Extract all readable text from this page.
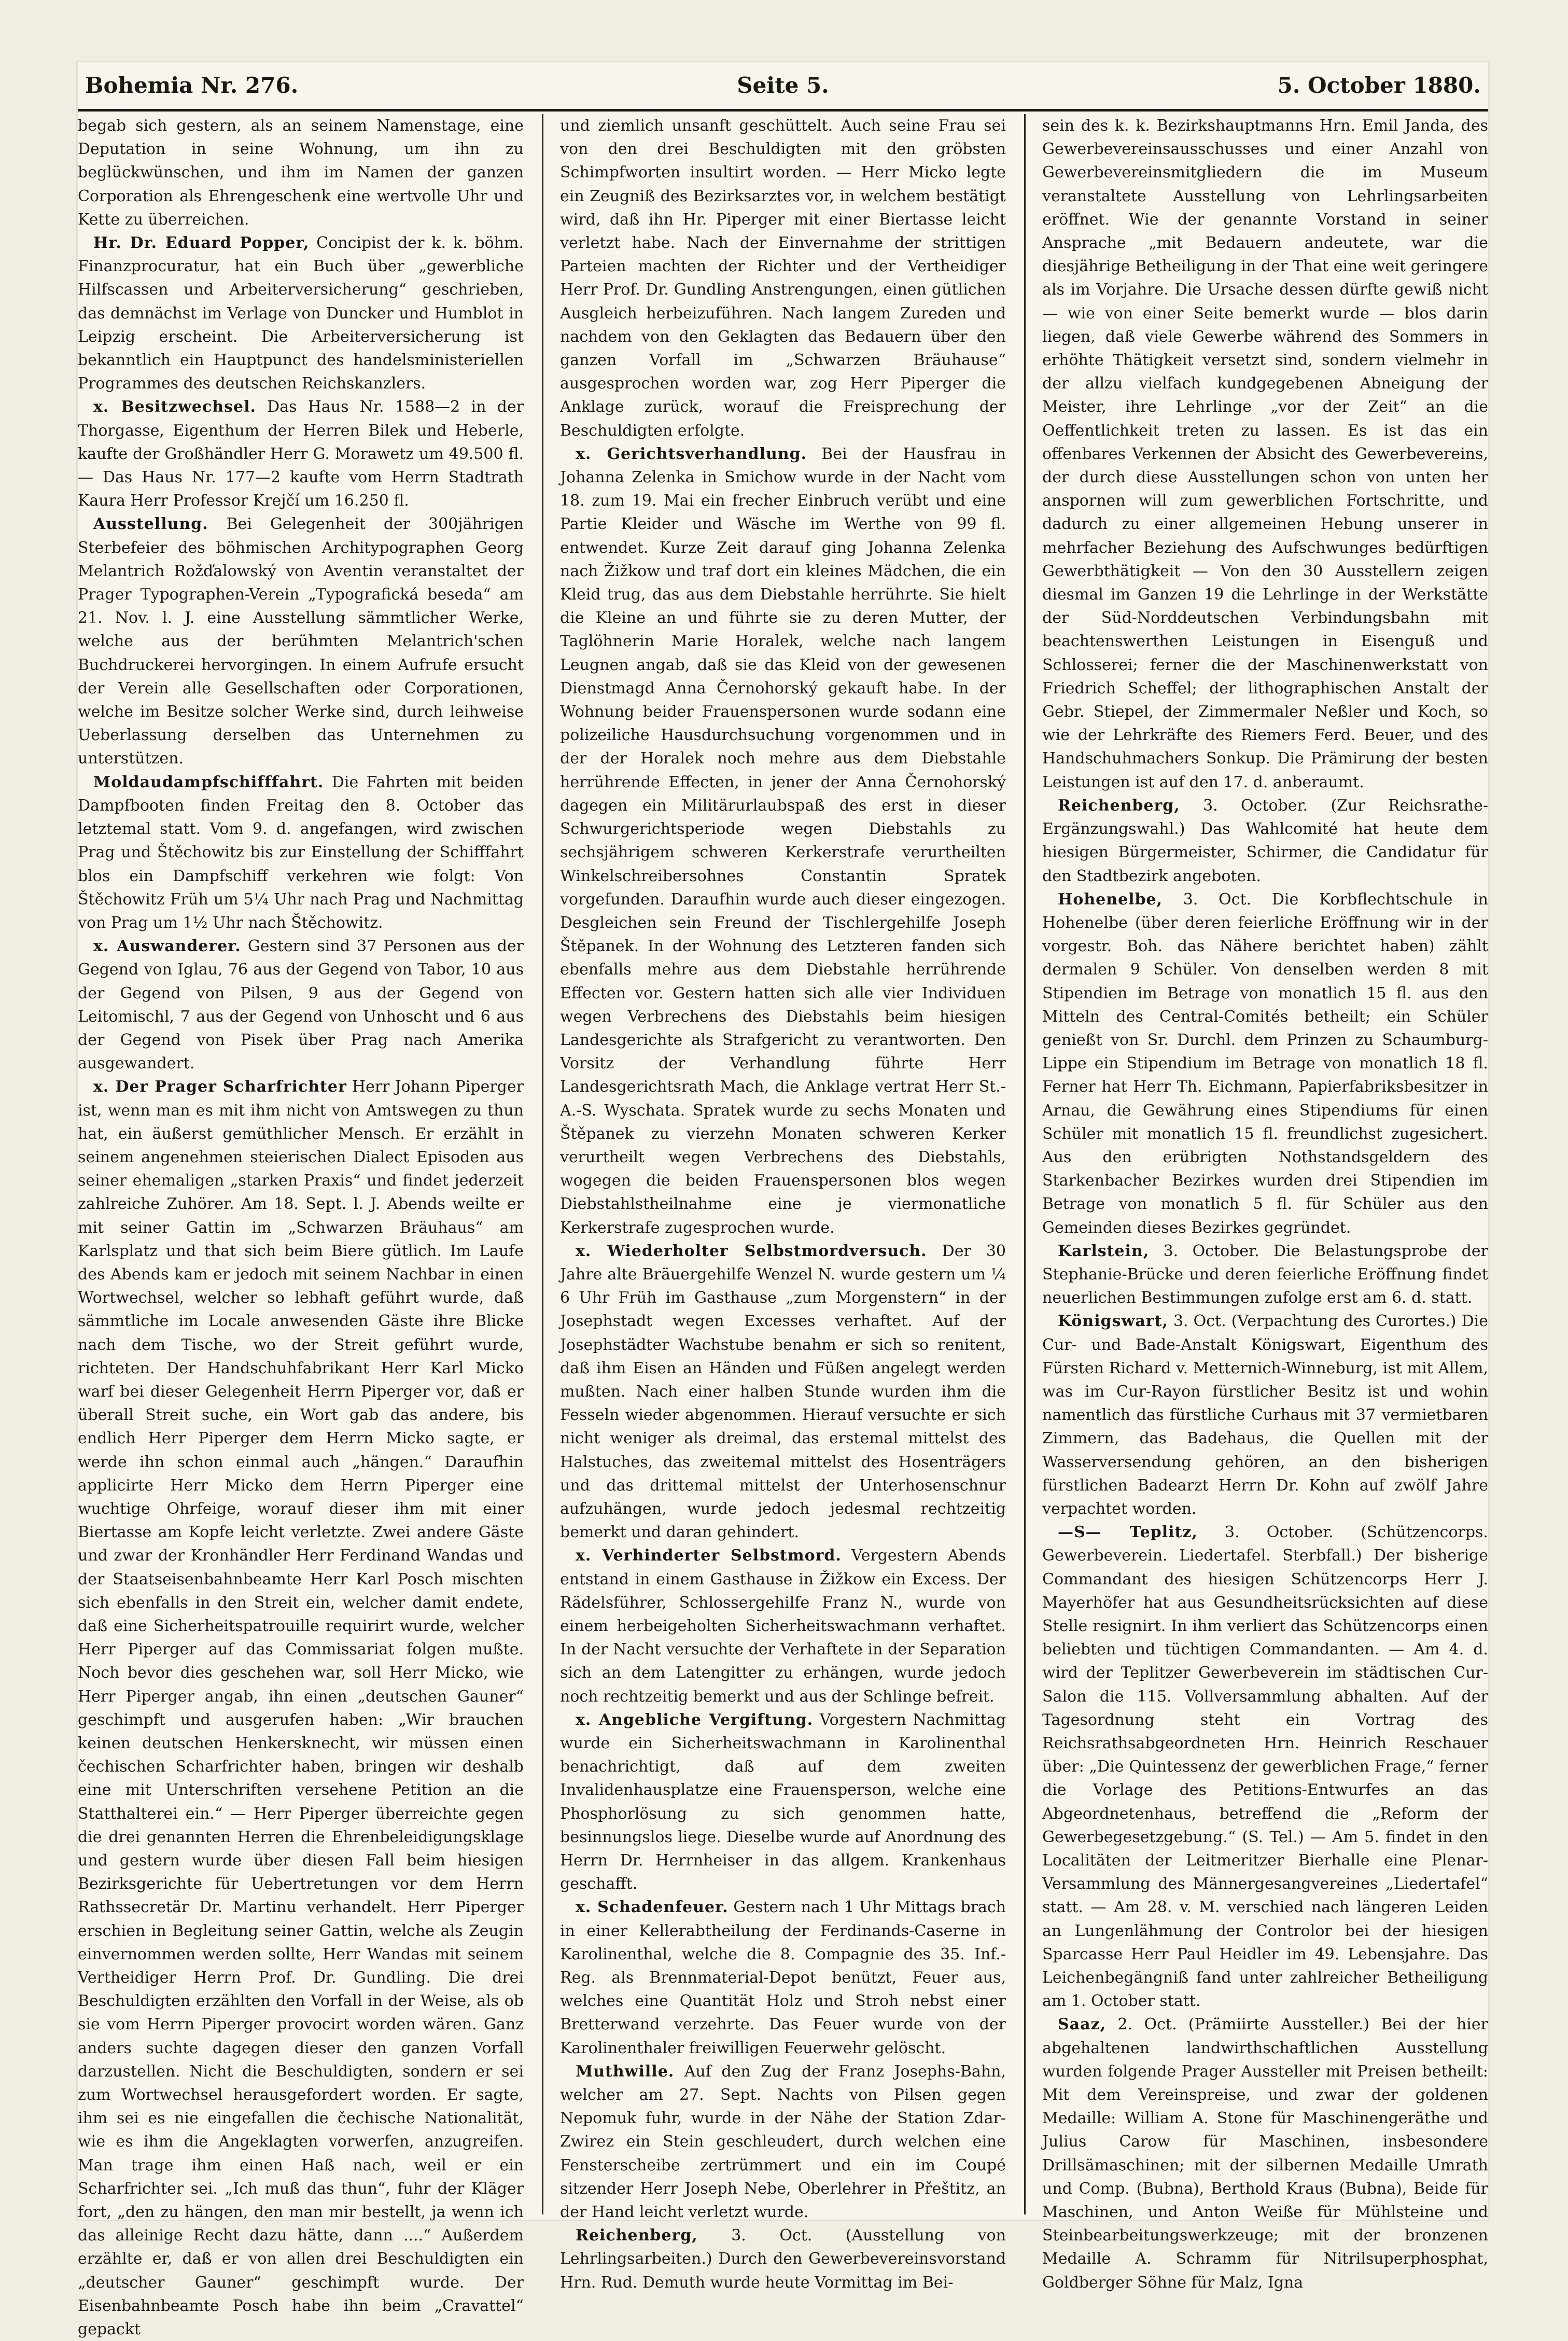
Bohemia Nr. 276.	Seite 5.	5. October 1880.

begab sich gestern, als an seinem Namenstage, eine Deputation in seine Wohnung, um ihn zu beglückwünschen, und ihm im Namen der ganzen Corporation als Ehrengeschenk eine wertvolle Uhr und Kette zu überreichen.

Hr. Dr. Eduard Popper, Concipist der k. k. böhm. Finanzprocuratur, hat ein Buch über „gewerbliche Hilfscassen und Arbeiterversicherung“ geschrieben, das demnächst im Verlage von Duncker und Humblot in Leipzig erscheint. Die Arbeiterversicherung ist bekanntlich ein Hauptpunct des handelsministeriellen Programmes des deutschen Reichskanzlers.

x. Besitzwechsel. Das Haus Nr. 1588—2 in der Thorgasse, Eigenthum der Herren Bilek und Heberle, kaufte der Großhändler Herr G. Morawetz um 49.500 fl. — Das Haus Nr. 177—2 kaufte vom Herrn Stadtrath Kaura Herr Professor Krejčí um 16.250 fl.

Ausstellung. Bei Gelegenheit der 300jährigen Sterbefeier des böhmischen Architypographen Georg Melantrich Rožďalowský von Aventin veranstaltet der Prager Typographen-Verein „Typografická beseda“ am 21. Nov. l. J. eine Ausstellung sämmtlicher Werke, welche aus der berühmten Melantrich'schen Buchdruckerei hervorgingen. In einem Aufrufe ersucht der Verein alle Gesellschaften oder Corporationen, welche im Besitze solcher Werke sind, durch leihweise Ueberlassung derselben das Unternehmen zu unterstützen.

Moldaudampfschifffahrt. Die Fahrten mit beiden Dampfbooten finden Freitag den 8. October das letztemal statt. Vom 9. d. angefangen, wird zwischen Prag und Štěchowitz bis zur Einstellung der Schifffahrt blos ein Dampfschiff verkehren wie folgt: Von Štěchowitz Früh um 5¼ Uhr nach Prag und Nachmittag von Prag um 1½ Uhr nach Štěchowitz.

x. Auswanderer. Gestern sind 37 Personen aus der Gegend von Iglau, 76 aus der Gegend von Tabor, 10 aus der Gegend von Pilsen, 9 aus der Gegend von Leitomischl, 7 aus der Gegend von Unhoscht und 6 aus der Gegend von Pisek über Prag nach Amerika ausgewandert.

x. Der Prager Scharfrichter Herr Johann Piperger ist, wenn man es mit ihm nicht von Amtswegen zu thun hat, ein äußerst gemüthlicher Mensch. Er erzählt in seinem angenehmen steierischen Dialect Episoden aus seiner ehemaligen „starken Praxis“ und findet jederzeit zahlreiche Zuhörer. Am 18. Sept. l. J. Abends weilte er mit seiner Gattin im „Schwarzen Bräuhaus“ am Karlsplatz und that sich beim Biere gütlich. Im Laufe des Abends kam er jedoch mit seinem Nachbar in einen Wortwechsel, welcher so lebhaft geführt wurde, daß sämmtliche im Locale anwesenden Gäste ihre Blicke nach dem Tische, wo der Streit geführt wurde, richteten. Der Handschuhfabrikant Herr Karl Micko warf bei dieser Gelegenheit Herrn Piperger vor, daß er überall Streit suche, ein Wort gab das andere, bis endlich Herr Piperger dem Herrn Micko sagte, er werde ihn schon einmal auch „hängen.“ Daraufhin applicirte Herr Micko dem Herrn Piperger eine wuchtige Ohrfeige, worauf dieser ihm mit einer Biertasse am Kopfe leicht verletzte. Zwei andere Gäste und zwar der Kronhändler Herr Ferdinand Wandas und der Staatseisenbahnbeamte Herr Karl Posch mischten sich ebenfalls in den Streit ein, welcher damit endete, daß eine Sicherheitspatrouille requirirt wurde, welcher Herr Piperger auf das Commissariat folgen mußte. Noch bevor dies geschehen war, soll Herr Micko, wie Herr Piperger angab, ihn einen „deutschen Gauner“ geschimpft und ausgerufen haben: „Wir brauchen keinen deutschen Henkersknecht, wir müssen einen čechischen Scharfrichter haben, bringen wir deshalb eine mit Unterschriften versehene Petition an die Statthalterei ein.“ — Herr Piperger überreichte gegen die drei genannten Herren die Ehrenbeleidigungsklage und gestern wurde über diesen Fall beim hiesigen Bezirksgerichte für Uebertretungen vor dem Herrn Rathssecretär Dr. Martinu verhandelt. Herr Piperger erschien in Begleitung seiner Gattin, welche als Zeugin einvernommen werden sollte, Herr Wandas mit seinem Vertheidiger Herrn Prof. Dr. Gundling. Die drei Beschuldigten erzählten den Vorfall in der Weise, als ob sie vom Herrn Piperger provocirt worden wären. Ganz anders suchte dagegen dieser den ganzen Vorfall darzustellen. Nicht die Beschuldigten, sondern er sei zum Wortwechsel herausgefordert worden. Er sagte, ihm sei es nie eingefallen die čechische Nationalität, wie es ihm die Angeklagten vorwerfen, anzugreifen. Man trage ihm einen Haß nach, weil er ein Scharfrichter sei. „Ich muß das thun“, fuhr der Kläger fort, „den zu hängen, den man mir bestellt, ja wenn ich das alleinige Recht dazu hätte, dann ....“ Außerdem erzählte er, daß er von allen drei Beschuldigten ein „deutscher Gauner“ geschimpft wurde. Der Eisenbahnbeamte Posch habe ihn beim „Cravattel“ gepackt

und ziemlich unsanft geschüttelt. Auch seine Frau sei von den drei Beschuldigten mit den gröbsten Schimpfworten insultirt worden. — Herr Micko legte ein Zeugniß des Bezirksarztes vor, in welchem bestätigt wird, daß ihn Hr. Piperger mit einer Biertasse leicht verletzt habe. Nach der Einvernahme der strittigen Parteien machten der Richter und der Vertheidiger Herr Prof. Dr. Gundling Anstrengungen, einen gütlichen Ausgleich herbeizuführen. Nach langem Zureden und nachdem von den Geklagten das Bedauern über den ganzen Vorfall im „Schwarzen Bräuhause“ ausgesprochen worden war, zog Herr Piperger die Anklage zurück, worauf die Freisprechung der Beschuldigten erfolgte.

x. Gerichtsverhandlung. Bei der Hausfrau in Johanna Zelenka in Smichow wurde in der Nacht vom 18. zum 19. Mai ein frecher Einbruch verübt und eine Partie Kleider und Wäsche im Werthe von 99 fl. entwendet. Kurze Zeit darauf ging Johanna Zelenka nach Žižkow und traf dort ein kleines Mädchen, die ein Kleid trug, das aus dem Diebstahle herrührte. Sie hielt die Kleine an und führte sie zu deren Mutter, der Taglöhnerin Marie Horalek, welche nach langem Leugnen angab, daß sie das Kleid von der gewesenen Dienstmagd Anna Černohorský gekauft habe. In der Wohnung beider Frauenspersonen wurde sodann eine polizeiliche Hausdurchsuchung vorgenommen und in der der Horalek noch mehre aus dem Diebstahle herrührende Effecten, in jener der Anna Černohorský dagegen ein Militärurlaubspaß des erst in dieser Schwurgerichtsperiode wegen Diebstahls zu sechsjährigem schweren Kerkerstrafe verurtheilten Winkelschreibersohnes Constantin Spratek vorgefunden. Daraufhin wurde auch dieser eingezogen. Desgleichen sein Freund der Tischlergehilfe Joseph Štěpanek. In der Wohnung des Letzteren fanden sich ebenfalls mehre aus dem Diebstahle herrührende Effecten vor. Gestern hatten sich alle vier Individuen wegen Verbrechens des Diebstahls beim hiesigen Landesgerichte als Strafgericht zu verantworten. Den Vorsitz der Verhandlung führte Herr Landesgerichtsrath Mach, die Anklage vertrat Herr St.-A.-S. Wyschata. Spratek wurde zu sechs Monaten und Štěpanek zu vierzehn Monaten schweren Kerker verurtheilt wegen Verbrechens des Diebstahls, wogegen die beiden Frauenspersonen blos wegen Diebstahlstheilnahme eine je viermonatliche Kerkerstrafe zugesprochen wurde.

x. Wiederholter Selbstmordversuch. Der 30 Jahre alte Bräuergehilfe Wenzel N. wurde gestern um ¼ 6 Uhr Früh im Gasthause „zum Morgenstern“ in der Josephstadt wegen Excesses verhaftet. Auf der Josephstädter Wachstube benahm er sich so renitent, daß ihm Eisen an Händen und Füßen angelegt werden mußten. Nach einer halben Stunde wurden ihm die Fesseln wieder abgenommen. Hierauf versuchte er sich nicht weniger als dreimal, das erstemal mittelst des Halstuches, das zweitemal mittelst des Hosenträgers und das drittemal mittelst der Unterhosenschnur aufzuhängen, wurde jedoch jedesmal rechtzeitig bemerkt und daran gehindert.

x. Verhinderter Selbstmord. Vergestern Abends entstand in einem Gasthause in Žižkow ein Excess. Der Rädelsführer, Schlossergehilfe Franz N., wurde von einem herbeigeholten Sicherheitswachmann verhaftet. In der Nacht versuchte der Verhaftete in der Separation sich an dem Latengitter zu erhängen, wurde jedoch noch rechtzeitig bemerkt und aus der Schlinge befreit.

x. Angebliche Vergiftung. Vorgestern Nachmittag wurde ein Sicherheitswachmann in Karolinenthal benachrichtigt, daß auf dem zweiten Invalidenhausplatze eine Frauensperson, welche eine Phosphorlösung zu sich genommen hatte, besinnungslos liege. Dieselbe wurde auf Anordnung des Herrn Dr. Herrnheiser in das allgem. Krankenhaus geschafft.

x. Schadenfeuer. Gestern nach 1 Uhr Mittags brach in einer Kellerabtheilung der Ferdinands-Caserne in Karolinenthal, welche die 8. Compagnie des 35. Inf.-Reg. als Brennmaterial-Depot benützt, Feuer aus, welches eine Quantität Holz und Stroh nebst einer Bretterwand verzehrte. Das Feuer wurde von der Karolinenthaler freiwilligen Feuerwehr gelöscht.

Muthwille. Auf den Zug der Franz Josephs-Bahn, welcher am 27. Sept. Nachts von Pilsen gegen Nepomuk fuhr, wurde in der Nähe der Station Zdar-Zwirez ein Stein geschleudert, durch welchen eine Fensterscheibe zertrümmert und ein im Coupé sitzender Herr Joseph Nebe, Oberlehrer in Přeštitz, an der Hand leicht verletzt wurde.

Reichenberg, 3. Oct. (Ausstellung von Lehrlingsarbeiten.) Durch den Gewerbevereinsvorstand Hrn. Rud. Demuth wurde heute Vormittag im Bei-

sein des k. k. Bezirkshauptmanns Hrn. Emil Janda, des Gewerbevereinsausschusses und einer Anzahl von Gewerbevereinsmitgliedern die im Museum veranstaltete Ausstellung von Lehrlingsarbeiten eröffnet. Wie der genannte Vorstand in seiner Ansprache „mit Bedauern andeutete, war die diesjährige Betheiligung in der That eine weit geringere als im Vorjahre. Die Ursache dessen dürfte gewiß nicht — wie von einer Seite bemerkt wurde — blos darin liegen, daß viele Gewerbe während des Sommers in erhöhte Thätigkeit versetzt sind, sondern vielmehr in der allzu vielfach kundgegebenen Abneigung der Meister, ihre Lehrlinge „vor der Zeit“ an die Oeffentlichkeit treten zu lassen. Es ist das ein offenbares Verkennen der Absicht des Gewerbevereins, der durch diese Ausstellungen schon von unten her anspornen will zum gewerblichen Fortschritte, und dadurch zu einer allgemeinen Hebung unserer in mehrfacher Beziehung des Aufschwunges bedürftigen Gewerbthätigkeit — Von den 30 Ausstellern zeigen diesmal im Ganzen 19 die Lehrlinge in der Werkstätte der Süd-Norddeutschen Verbindungsbahn mit beachtenswerthen Leistungen in Eisenguß und Schlosserei; ferner die der Maschinenwerkstatt von Friedrich Scheffel; der lithographischen Anstalt der Gebr. Stiepel, der Zimmermaler Neßler und Koch, so wie der Lehrkräfte des Riemers Ferd. Beuer, und des Handschuhmachers Sonkup. Die Prämirung der besten Leistungen ist auf den 17. d. anberaumt.

Reichenberg, 3. October. (Zur Reichsrathe-Ergänzungswahl.) Das Wahlcomité hat heute dem hiesigen Bürgermeister, Schirmer, die Candidatur für den Stadtbezirk angeboten.

Hohenelbe, 3. Oct. Die Korbflechtschule in Hohenelbe (über deren feierliche Eröffnung wir in der vorgestr. Boh. das Nähere berichtet haben) zählt dermalen 9 Schüler. Von denselben werden 8 mit Stipendien im Betrage von monatlich 15 fl. aus den Mitteln des Central-Comités betheilt; ein Schüler genießt von Sr. Durchl. dem Prinzen zu Schaumburg-Lippe ein Stipendium im Betrage von monatlich 18 fl. Ferner hat Herr Th. Eichmann, Papierfabriksbesitzer in Arnau, die Gewährung eines Stipendiums für einen Schüler mit monatlich 15 fl. freundlichst zugesichert. Aus den erübrigten Nothstandsgeldern des Starkenbacher Bezirkes wurden drei Stipendien im Betrage von monatlich 5 fl. für Schüler aus den Gemeinden dieses Bezirkes gegründet.

Karlstein, 3. October. Die Belastungsprobe der Stephanie-Brücke und deren feierliche Eröffnung findet neuerlichen Bestimmungen zufolge erst am 6. d. statt.

Königswart, 3. Oct. (Verpachtung des Curortes.) Die Cur- und Bade-Anstalt Königswart, Eigenthum des Fürsten Richard v. Metternich-Winneburg, ist mit Allem, was im Cur-Rayon fürstlicher Besitz ist und wohin namentlich das fürstliche Curhaus mit 37 vermietbaren Zimmern, das Badehaus, die Quellen mit der Wasserversendung gehören, an den bisherigen fürstlichen Badearzt Herrn Dr. Kohn auf zwölf Jahre verpachtet worden.

—S— Teplitz, 3. October. (Schützencorps. Gewerbeverein. Liedertafel. Sterbfall.) Der bisherige Commandant des hiesigen Schützencorps Herr J. Mayerhöfer hat aus Gesundheitsrücksichten auf diese Stelle resignirt. In ihm verliert das Schützencorps einen beliebten und tüchtigen Commandanten. — Am 4. d. wird der Teplitzer Gewerbeverein im städtischen Cur-Salon die 115. Vollversammlung abhalten. Auf der Tagesordnung steht ein Vortrag des Reichsrathsabgeordneten Hrn. Heinrich Reschauer über: „Die Quintessenz der gewerblichen Frage,“ ferner die Vorlage des Petitions-Entwurfes an das Abgeordnetenhaus, betreffend die „Reform der Gewerbegesetzgebung.“ (S. Tel.) — Am 5. findet in den Localitäten der Leitmeritzer Bierhalle eine Plenar-Versammlung des Männergesangvereines „Liedertafel“ statt. — Am 28. v. M. verschied nach längeren Leiden an Lungenlähmung der Controlor bei der hiesigen Sparcasse Herr Paul Heidler im 49. Lebensjahre. Das Leichenbegängniß fand unter zahlreicher Betheiligung am 1. October statt.

Saaz, 2. Oct. (Prämiirte Aussteller.) Bei der hier abgehaltenen landwirthschaftlichen Ausstellung wurden folgende Prager Aussteller mit Preisen betheilt: Mit dem Vereinspreise, und zwar der goldenen Medaille: William A. Stone für Maschinengeräthe und Julius Carow für Maschinen, insbesondere Drillsämaschinen; mit der silbernen Medaille Umrath und Comp. (Bubna), Berthold Kraus (Bubna), Beide für Maschinen, und Anton Weiße für Mühlsteine und Steinbearbeitungswerkzeuge; mit der bronzenen Medaille A. Schramm für Nitrilsuperphosphat, Goldberger Söhne für Malz, Igna
